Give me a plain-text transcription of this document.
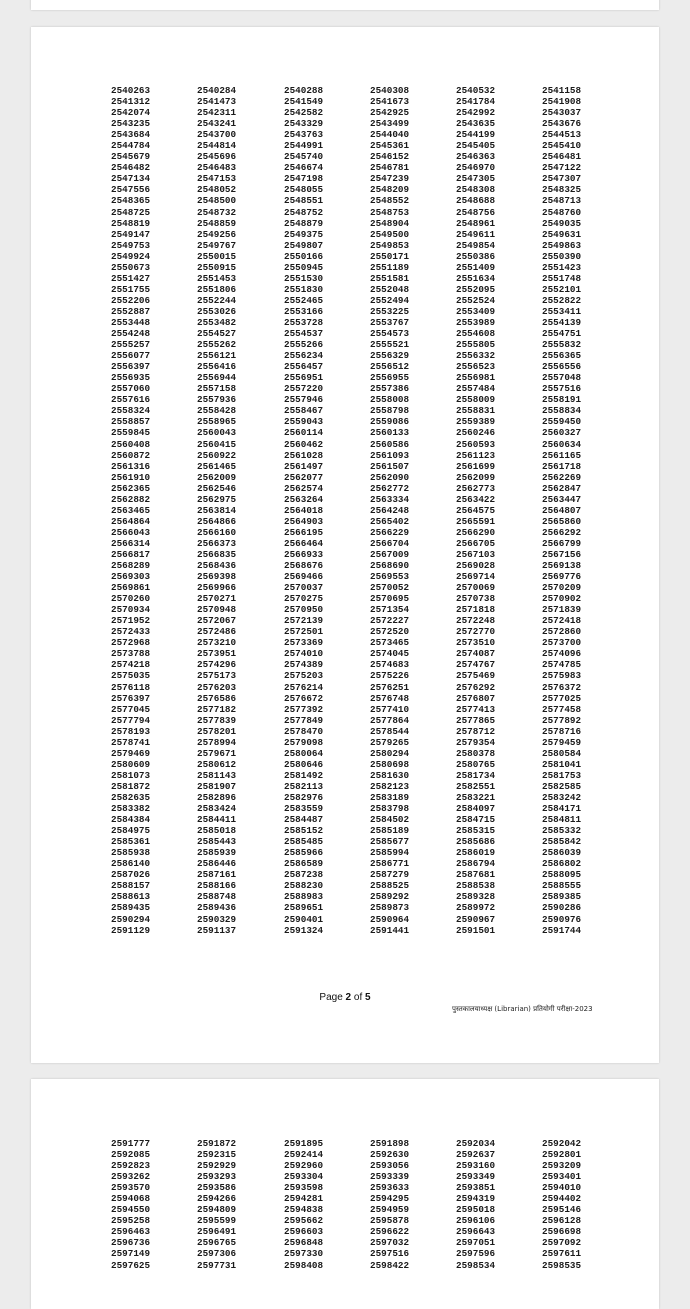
2540263	2540284	2540288	2540308	2540532	2541158
2541312	2541473	2541549	2541673	2541784	2541908
2542074	2542311	2542582	2542925	2542992	2543037
2543235	2543241	2543329	2543499	2543635	2543676
2543684	2543700	2543763	2544040	2544199	2544513
2544784	2544814	2544991	2545361	2545405	2545410
2545679	2545696	2545740	2546152	2546363	2546481
2546482	2546483	2546674	2546781	2546970	2547122
2547134	2547153	2547198	2547239	2547305	2547307
2547556	2548052	2548055	2548209	2548308	2548325
2548365	2548500	2548551	2548552	2548688	2548713
2548725	2548732	2548752	2548753	2548756	2548760
2548819	2548859	2548879	2548904	2548961	2549035
2549147	2549256	2549375	2549500	2549611	2549631
2549753	2549767	2549807	2549853	2549854	2549863
2549924	2550015	2550166	2550171	2550386	2550390
2550673	2550915	2550945	2551189	2551409	2551423
2551427	2551453	2551530	2551581	2551634	2551748
2551755	2551806	2551830	2552048	2552095	2552101
2552206	2552244	2552465	2552494	2552524	2552822
2552887	2553026	2553166	2553225	2553409	2553411
2553448	2553482	2553728	2553767	2553989	2554139
2554248	2554527	2554537	2554573	2554608	2554751
2555257	2555262	2555266	2555521	2555805	2555832
2556077	2556121	2556234	2556329	2556332	2556365
2556397	2556416	2556457	2556512	2556523	2556556
2556935	2556944	2556951	2556955	2556981	2557048
2557060	2557158	2557220	2557386	2557484	2557516
2557616	2557936	2557946	2558008	2558009	2558191
2558324	2558428	2558467	2558798	2558831	2558834
2558857	2558965	2559043	2559086	2559389	2559450
2559845	2560043	2560114	2560133	2560246	2560327
2560408	2560415	2560462	2560586	2560593	2560634
2560872	2560922	2561028	2561093	2561123	2561165
2561316	2561465	2561497	2561507	2561699	2561718
2561910	2562009	2562077	2562090	2562099	2562269
2562365	2562546	2562574	2562772	2562773	2562847
2562882	2562975	2563264	2563334	2563422	2563447
2563465	2563814	2564018	2564248	2564575	2564807
2564864	2564866	2564903	2565402	2565591	2565860
2566043	2566160	2566195	2566229	2566290	2566292
2566314	2566373	2566464	2566704	2566705	2566799
2566817	2566835	2566933	2567009	2567103	2567156
2568289	2568436	2568676	2568690	2569028	2569138
2569303	2569398	2569466	2569553	2569714	2569776
2569861	2569966	2570037	2570052	2570069	2570209
2570260	2570271	2570275	2570695	2570738	2570902
2570934	2570948	2570950	2571354	2571818	2571839
2571952	2572067	2572139	2572227	2572248	2572418
2572433	2572486	2572501	2572520	2572770	2572860
2572968	2573210	2573369	2573465	2573510	2573700
2573788	2573951	2574010	2574045	2574087	2574096
2574218	2574296	2574389	2574683	2574767	2574785
2575035	2575173	2575203	2575226	2575469	2575983
2576118	2576203	2576214	2576251	2576292	2576372
2576397	2576586	2576672	2576748	2576807	2577025
2577045	2577182	2577392	2577410	2577413	2577458
2577794	2577839	2577849	2577864	2577865	2577892
2578193	2578201	2578470	2578544	2578712	2578716
2578741	2578994	2579098	2579265	2579354	2579459
2579469	2579671	2580064	2580294	2580378	2580584
2580609	2580612	2580646	2580698	2580765	2581041
2581073	2581143	2581492	2581630	2581734	2581753
2581872	2581907	2582113	2582123	2582551	2582585
2582635	2582896	2582976	2583189	2583221	2583242
2583382	2583424	2583559	2583798	2584097	2584171
2584384	2584411	2584487	2584502	2584715	2584811
2584975	2585018	2585152	2585189	2585315	2585332
2585361	2585443	2585485	2585677	2585686	2585842
2585938	2585939	2585966	2585994	2586019	2586039
2586140	2586446	2586589	2586771	2586794	2586802
2587026	2587161	2587238	2587279	2587681	2588095
2588157	2588166	2588230	2588525	2588538	2588555
2588613	2588748	2588983	2589292	2589328	2589385
2589435	2589436	2589651	2589873	2589972	2590286
2590294	2590329	2590401	2590964	2590967	2590976
2591129	2591137	2591324	2591441	2591501	2591744
Page 2 of 5
पुस्तकालयाध्यक्ष (Librarian) प्रतियोगी परीक्षा-2023
2591777	2591872	2591895	2591898	2592034	2592042
2592085	2592315	2592414	2592630	2592637	2592801
2592823	2592929	2592960	2593056	2593160	2593209
2593262	2593293	2593304	2593339	2593349	2593401
2593570	2593586	2593598	2593633	2593851	2594010
2594068	2594266	2594281	2594295	2594319	2594402
2594550	2594809	2594838	2594959	2595018	2595146
2595258	2595599	2595662	2595878	2596106	2596128
2596463	2596491	2596603	2596622	2596643	2596698
2596736	2596765	2596848	2597032	2597051	2597092
2597149	2597306	2597330	2597516	2597596	2597611
2597625	2597731	2598408	2598422	2598534	2598535
